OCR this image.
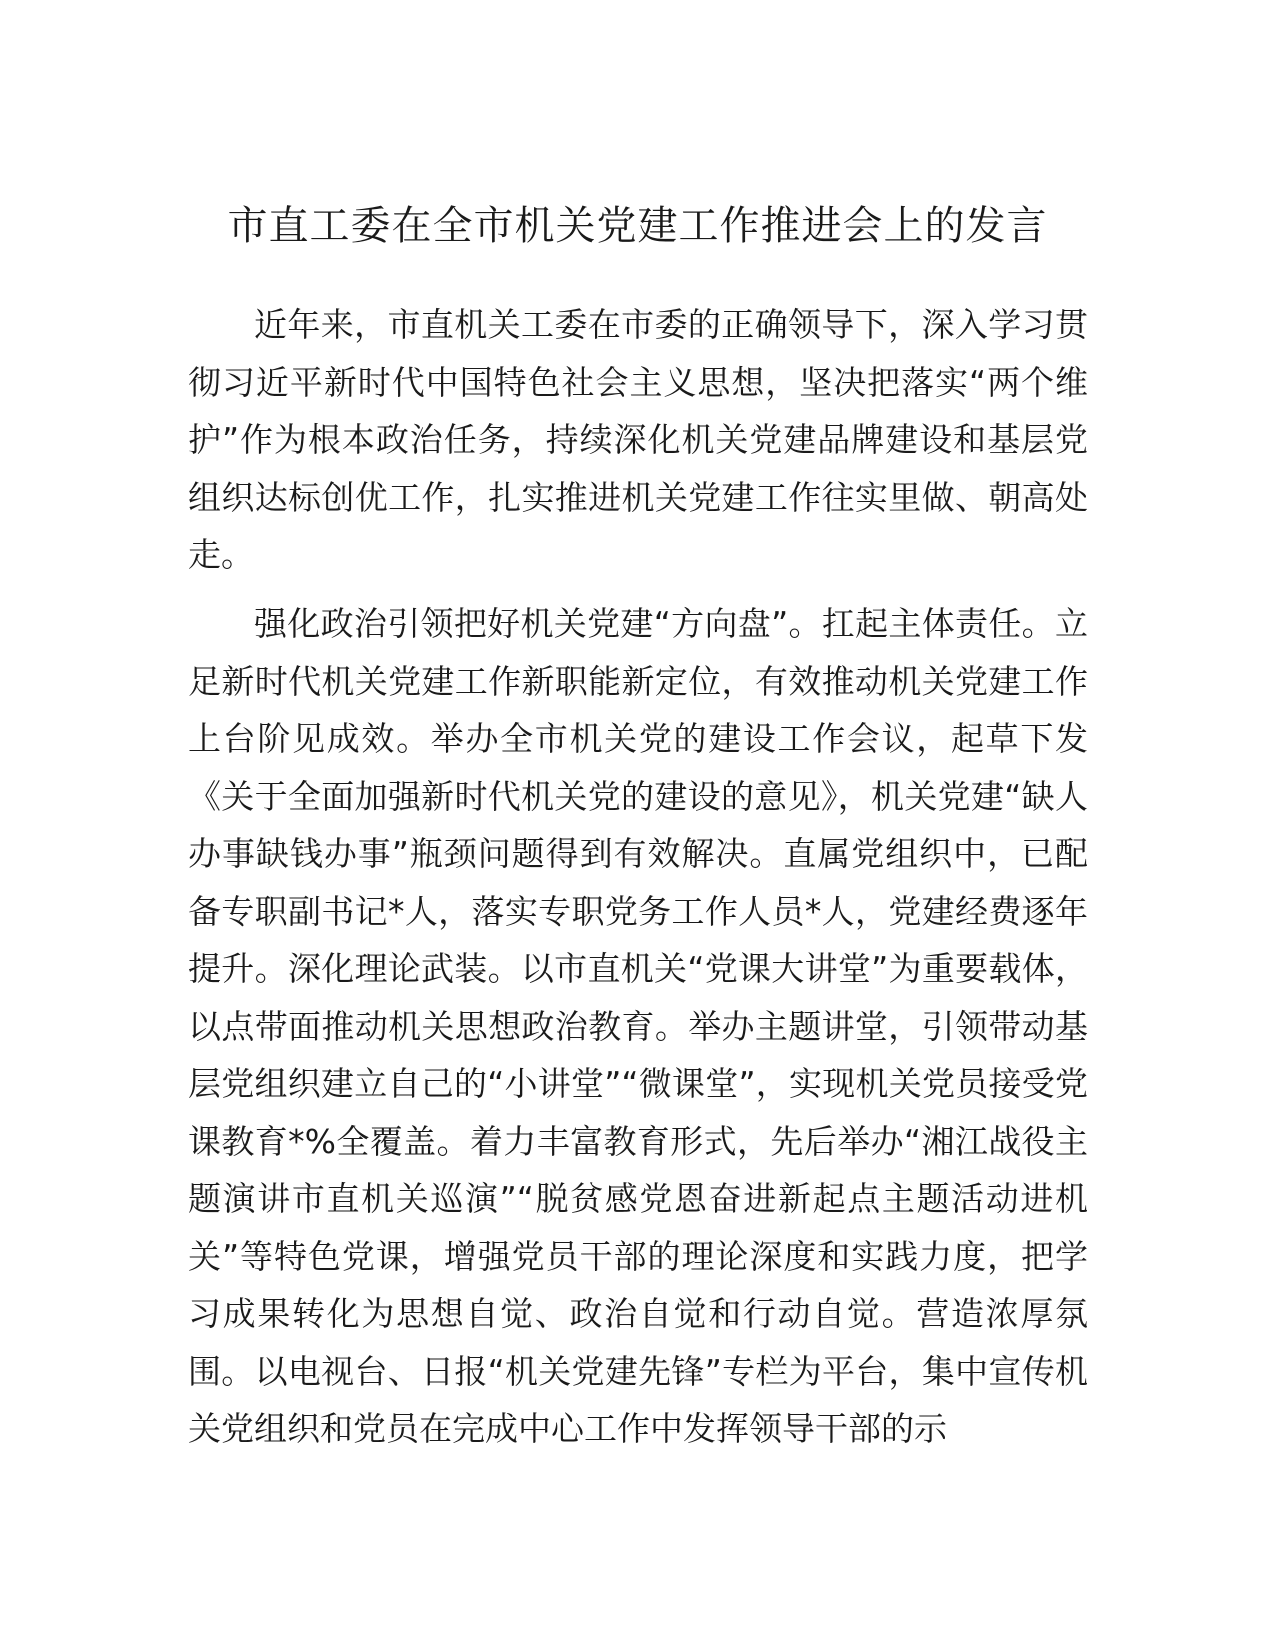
市直工委在全市机关党建工作推进会上的发言

近年来，市直机关工委在市委的正确领导下，深入学习贯彻习近平新时代中国特色社会主义思想，坚决把落实“两个维护”作为根本政治任务，持续深化机关党建品牌建设和基层党组织达标创优工作，扎实推进机关党建工作往实里做、朝高处走。

强化政治引领把好机关党建“方向盘”。扛起主体责任。立足新时代机关党建工作新职能新定位，有效推动机关党建工作上台阶见成效。举办全市机关党的建设工作会议，起草下发《关于全面加强新时代机关党的建设的意见》，机关党建“缺人办事缺钱办事”瓶颈问题得到有效解决。直属党组织中，已配备专职副书记*人，落实专职党务工作人员*人，党建经费逐年提升。深化理论武装。以市直机关“党课大讲堂”为重要载体，以点带面推动机关思想政治教育。举办主题讲堂，引领带动基层党组织建立自己的“小讲堂”“微课堂”，实现机关党员接受党课教育*%全覆盖。着力丰富教育形式，先后举办“湘江战役主题演讲市直机关巡演”“脱贫感党恩奋进新起点主题活动进机关”等特色党课，增强党员干部的理论深度和实践力度，把学习成果转化为思想自觉、政治自觉和行动自觉。营造浓厚氛围。以电视台、日报“机关党建先锋”专栏为平台，集中宣传机关党组织和党员在完成中心工作中发挥领导干部的示
